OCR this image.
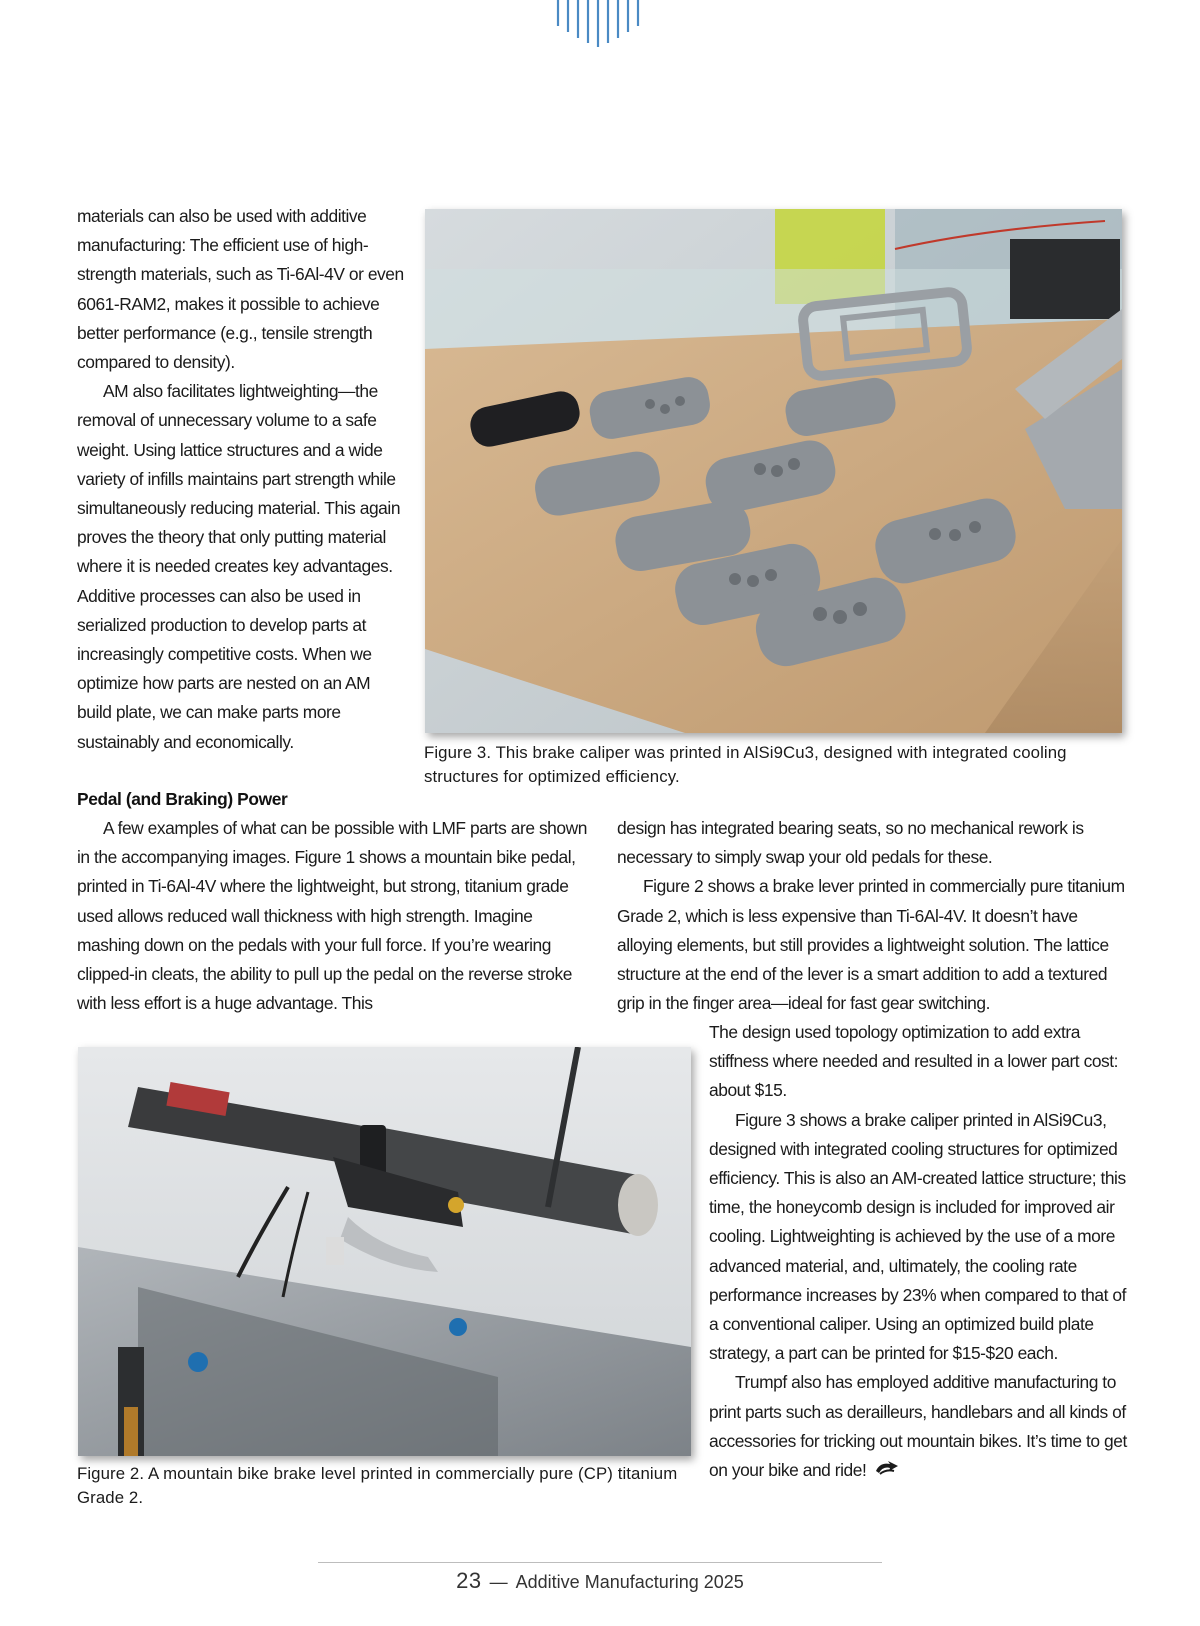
materials can also be used with additive manufacturing: The efficient use of high-strength materials, such as Ti-6Al-4V or even 6061-RAM2, makes it possible to achieve better performance (e.g., tensile strength compared to density).

AM also facilitates lightweighting—the removal of unnecessary volume to a safe weight. Using lattice structures and a wide variety of infills maintains part strength while simultaneously reducing material. This again proves the theory that only putting material where it is needed creates key advantages. Additive processes can also be used in serialized production to develop parts at increasingly competitive costs. When we optimize how parts are nested on an AM build plate, we can make parts more sustainably and economically.

Figure 3. This brake caliper was printed in AlSi9Cu3, designed with integrated cooling structures for optimized efficiency.
Pedal (and Braking) Power

A few examples of what can be possible with LMF parts are shown in the accompanying images. Figure 1 shows a mountain bike pedal, printed in Ti-6Al-4V where the lightweight, but strong, titanium grade used allows reduced wall thickness with high strength. Imagine mashing down on the pedals with your full force. If you’re wearing clipped-in cleats, the ability to pull up the pedal on the reverse stroke with less effort is a huge advantage. This

design has integrated bearing seats, so no mechanical rework is necessary to simply swap your old pedals for these.

Figure 2 shows a brake lever printed in commercially pure titanium Grade 2, which is less expensive than Ti-6Al-4V. It doesn’t have alloying elements, but still provides a lightweight solution. The lattice structure at the end of the lever is a smart addition to add a textured grip in the finger area—ideal for fast gear switching.

Figure 2. A mountain bike brake level printed in commercially pure (CP) titanium Grade 2.

The design used topology optimization to add extra stiffness where needed and resulted in a lower part cost: about $15.

Figure 3 shows a brake caliper printed in AlSi9Cu3, designed with integrated cooling structures for optimized efficiency. This is also an AM-created lattice structure; this time, the honeycomb design is included for improved air cooling. Lightweighting is achieved by the use of a more advanced material, and, ultimately, the cooling rate performance increases by 23% when compared to that of a conventional caliper. Using an optimized build plate strategy, a part can be printed for $15-$20 each.

Trumpf also has employed additive manufacturing to print parts such as derailleurs, handlebars and all kinds of accessories for tricking out mountain bikes. It’s time to get on your bike and ride!

23 — Additive Manufacturing 2025
